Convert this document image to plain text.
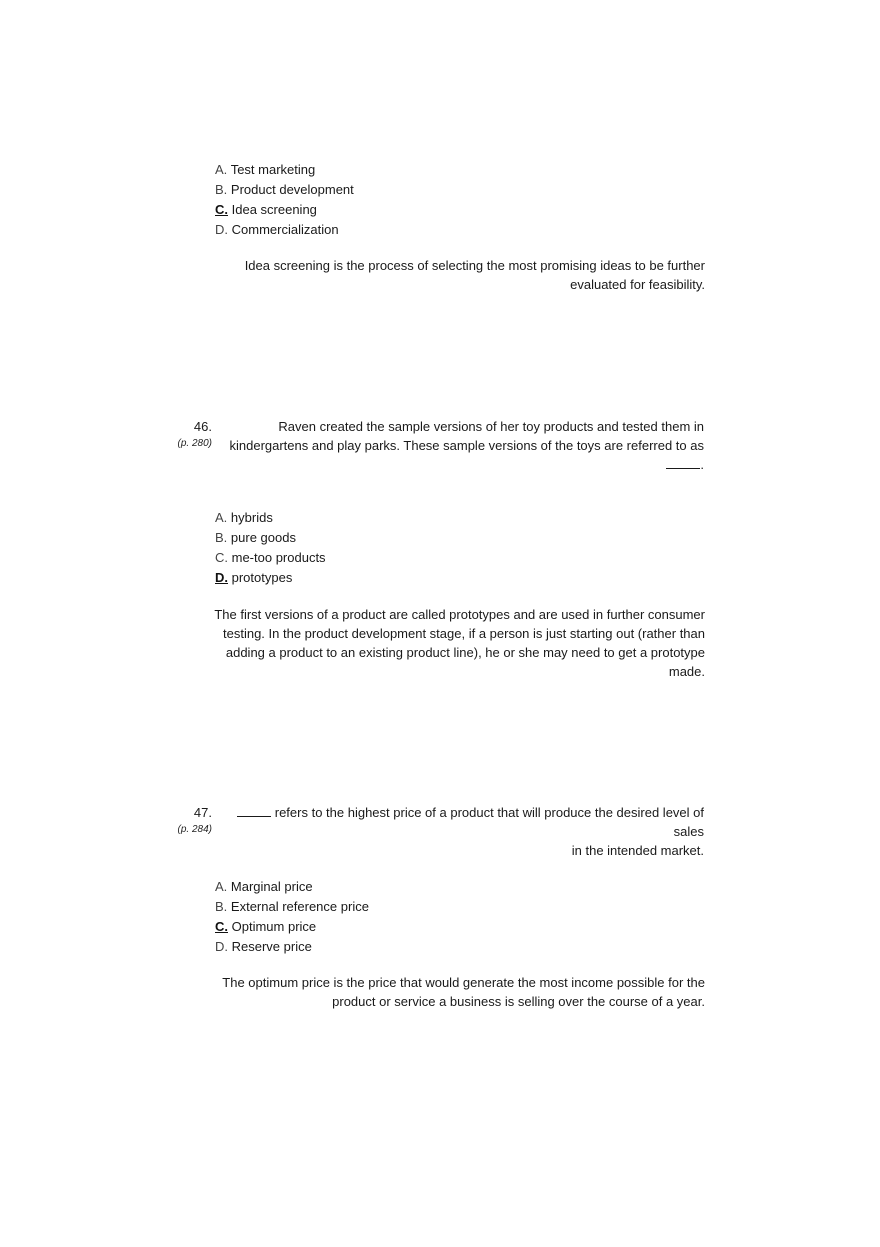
A. Test marketing
B. Product development
C. Idea screening
D. Commercialization
Idea screening is the process of selecting the most promising ideas to be further
evaluated for feasibility.
46.
(p. 280)
Raven created the sample versions of her toy products and tested them in
kindergartens and play parks. These sample versions of the toys are referred to as
.
A. hybrids
B. pure goods
C. me-too products
D. prototypes
The first versions of a product are called prototypes and are used in further consumer
testing. In the product development stage, if a person is just starting out (rather than
adding a product to an existing product line), he or she may need to get a prototype
made.
47.
(p. 284)
refers to the highest price of a product that will produce the desired level of sales
in the intended market.
A. Marginal price
B. External reference price
C. Optimum price
D. Reserve price
The optimum price is the price that would generate the most income possible for the
product or service a business is selling over the course of a year.
